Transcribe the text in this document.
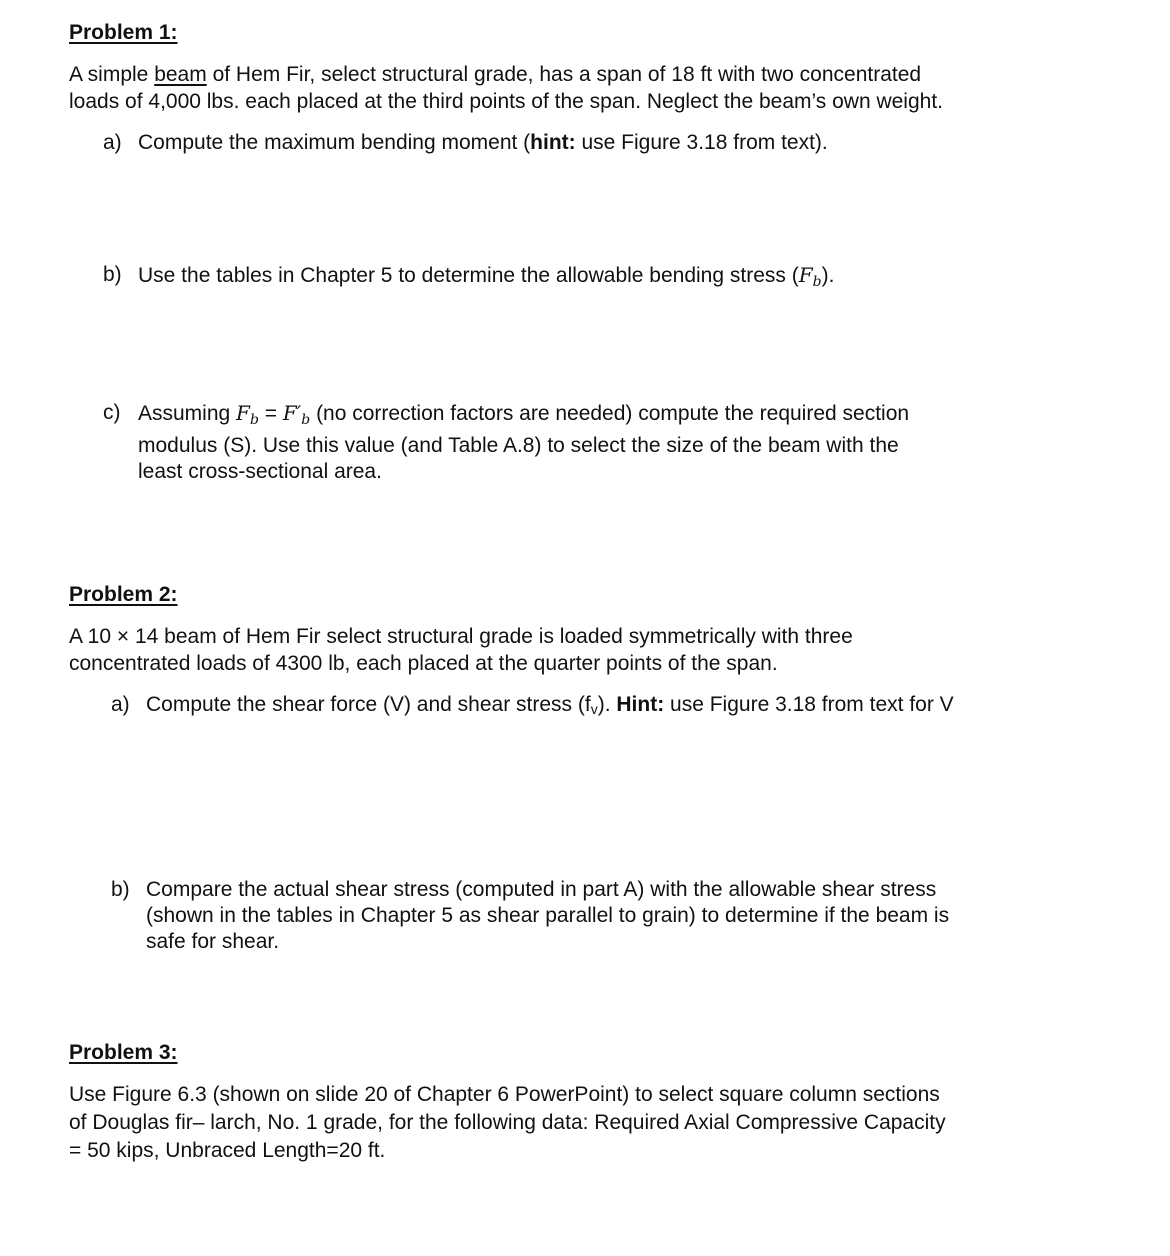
Problem 1:
A simple beam of Hem Fir, select structural grade, has a span of 18 ft with two concentrated
loads of 4,000 lbs. each placed at the third points of the span. Neglect the beam’s own weight.
a) Compute the maximum bending moment (hint: use Figure 3.18 from text).
b) Use the tables in Chapter 5 to determine the allowable bending stress $(F_b)$.
c) Assuming $F_b = F'_b$ (no correction factors are needed) compute the required section
modulus (S). Use this value (and Table A.8) to select the size of the beam with the
least cross-sectional area.
Problem 2:
A 10 × 14 beam of Hem Fir select structural grade is loaded symmetrically with three
concentrated loads of 4300 lb, each placed at the quarter points of the span.
a) Compute the shear force (V) and shear stress (fv). Hint: use Figure 3.18 from text for V
b) Compare the actual shear stress (computed in part A) with the allowable shear stress
(shown in the tables in Chapter 5 as shear parallel to grain) to determine if the beam is
safe for shear.
Problem 3:
Use Figure 6.3 (shown on slide 20 of Chapter 6 PowerPoint) to select square column sections
of Douglas fir– larch, No. 1 grade, for the following data: Required Axial Compressive Capacity
= 50 kips, Unbraced Length=20 ft.
